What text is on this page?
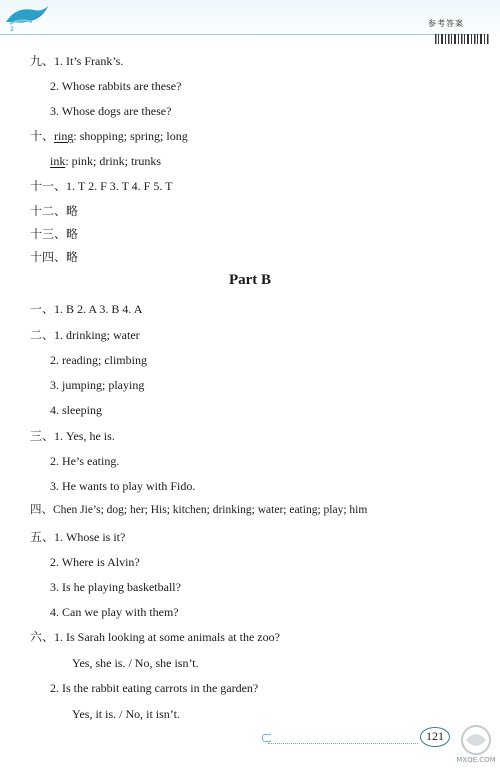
2
参考答案
九、1. It’s Frank’s.
2. Whose rabbits are these?
3. Whose dogs are these?
十、ring: shopping; spring; long
ink: pink; drink; trunks
十一、1. T 2. F 3. T 4. F 5. T
十二、略
十三、略
十四、略
Part B
一、1. B 2. A 3. B 4. A
二、1. drinking; water
2. reading; climbing
3. jumping; playing
4. sleeping
三、1. Yes, he is.
2. He’s eating.
3. He wants to play with Fido.
四、Chen Jie’s; dog; her; His; kitchen; drinking; water; eating; play; him
五、1. Whose is it?
2. Where is Alvin?
3. Is he playing basketball?
4. Can we play with them?
六、1. Is Sarah looking at some animals at the zoo?
Yes, she is. / No, she isn’t.
2. Is the rabbit eating carrots in the garden?
Yes, it is. / No, it isn’t.
121
MXQE.COM
